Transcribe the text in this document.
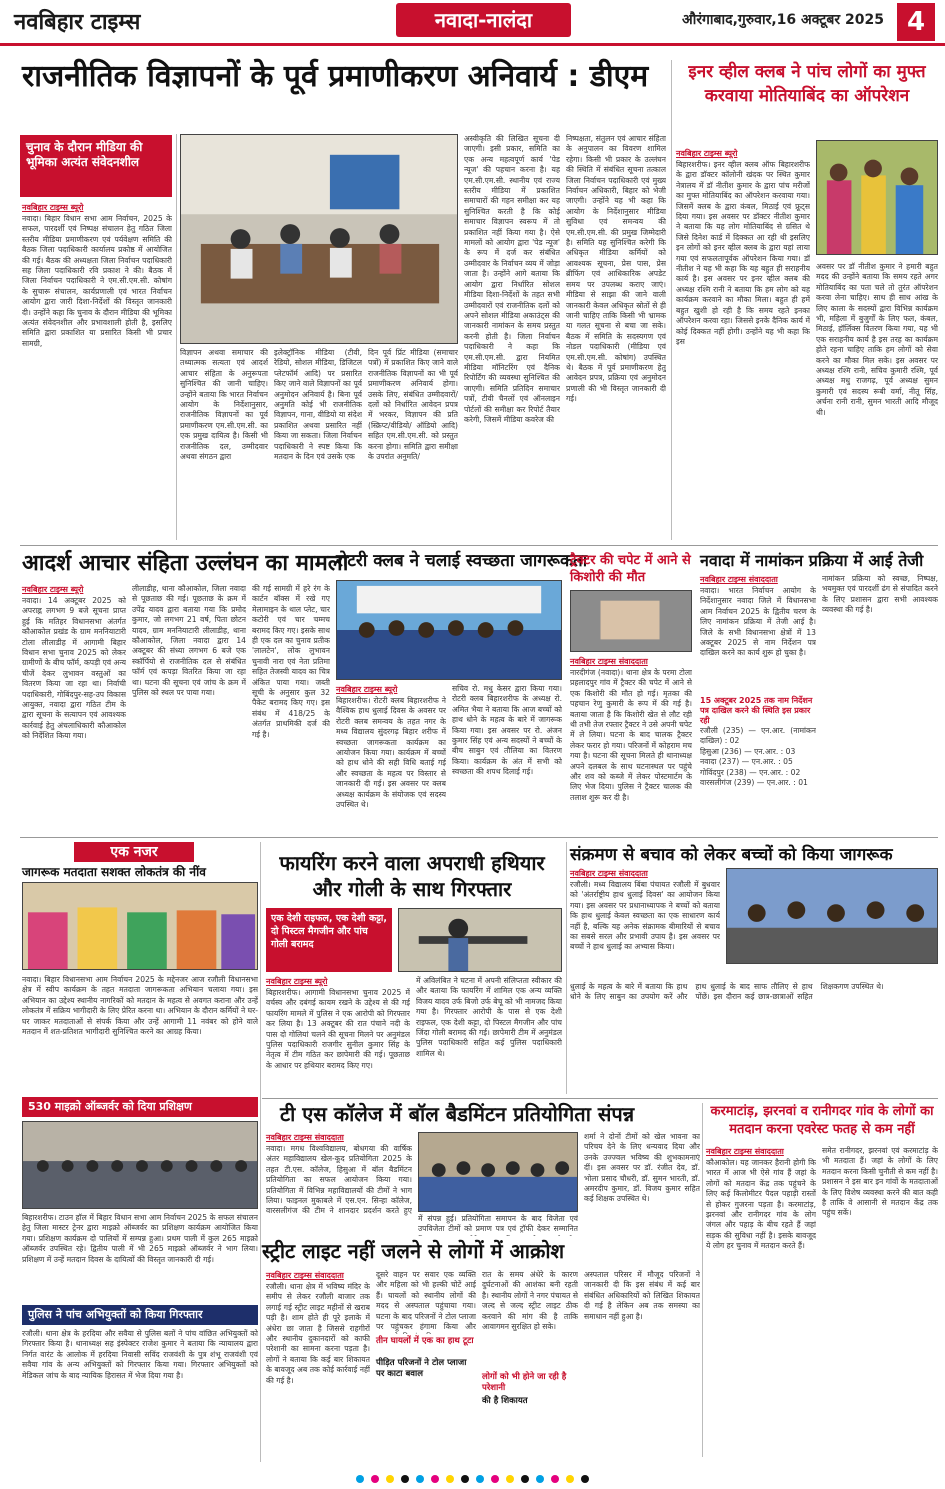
नवबिहार टाइम्स	नवादा-नालंदा	औरंगाबाद,गुरुवार,16 अक्टूबर 2025 4
राजनीतिक विज्ञापनों के पूर्व प्रमाणीकरण अनिवार्य : डीएम
चुनाव के दौरान मीडिया की भूमिका अत्यंत संवेदनशील
नवबिहार टाइम्स ब्यूरो
नवादा। बिहार विधान सभा आम निर्वाचन, 2025 के सफल, पारदर्शी एवं निष्पक्ष संचालन हेतु गठित जिला स्तरीय मीडिया प्रमाणीकरण एवं पर्यवेक्षण समिति की बैठक जिला पदाधिकारी कार्यालय प्रकोष्ठ में आयोजित की गई। बैठक की अध्यक्षता जिला निर्वाचन पदाधिकारी सह जिला पदाधिकारी रवि प्रकाश ने की। बैठक में जिला निर्वाचन पदाधिकारी ने एम.सी.एम.सी. कोषांग के सुचारू संचालन, कार्यप्रणाली एवं भारत निर्वाचन आयोग द्वारा जारी दिशा-निर्देशों की विस्तृत जानकारी दी। उन्होंने कहा कि चुनाव के दौरान मीडिया की भूमिका अत्यंत संवेदनशील और प्रभावशाली होती है, इसलिए समिति द्वारा प्रकाशित या प्रसारित किसी भी प्रचार सामग्री,
विज्ञापन अथवा समाचार की तथ्यात्मक सत्यता एवं आदर्श आचार संहिता के अनुरूपता सुनिश्चित की जानी चाहिए। उन्होंने बताया कि भारत निर्वाचन आयोग के निर्देशानुसार, राजनीतिक विज्ञापनों का पूर्व प्रमाणीकरण एम.सी.एम.सी. का एक प्रमुख दायित्व है। किसी भी राजनीतिक दल, उम्मीदवार अथवा संगठन द्वारा
इलेक्ट्रॉनिक मीडिया (टीवी, रेडियो, सोशल मीडिया, डिजिटल प्लेटफॉर्म आदि) पर प्रसारित किए जाने वाले विज्ञापनों का पूर्व अनुमोदन अनिवार्य है। बिना पूर्व अनुमति कोई भी राजनीतिक विज्ञापन, गाना, वीडियो या संदेश प्रकाशित अथवा प्रसारित नहीं किया जा सकता। जिला निर्वाचन पदाधिकारी ने स्पष्ट किया कि मतदान के दिन एवं उसके एक
दिन पूर्व प्रिंट मीडिया (समाचार पत्रों) में प्रकाशित किए जाने वाले राजनीतिक विज्ञापनों का भी पूर्व प्रमाणीकरण अनिवार्य होगा। उसके लिए, संबंधित उम्मीदवारों/दलों को निर्धारित आवेदन प्रपत्र में भरकर, विज्ञापन की प्रति (स्क्रिप्ट/वीडियो/ ऑडियो आदि) सहित एम.सी.एम.सी. को प्रस्तुत करना होगा। समिति द्वारा समीक्षा के उपरांत अनुमति/
अस्वीकृति की लिखित सूचना दी जाएगी। इसी प्रकार, समिति का एक अन्य महत्वपूर्ण कार्य 'पेड न्यूज' की पहचान करना है। यह एम.सी.एम.सी. स्थानीय एवं राज्य स्तरीय मीडिया में प्रकाशित समाचारों की गहन समीक्षा कर यह सुनिश्चित करती है कि कोई समाचार विज्ञापन स्वरूप में तो प्रकाशित नहीं किया गया है। ऐसे मामलों को आयोग द्वारा 'पेड न्यूज' के रूप में दर्ज कर संबंधित उम्मीदवार के निर्वाचन व्यय में जोड़ा जाता है। उन्होंने आगे बताया कि आयोग द्वारा निर्धारित सोशल मीडिया दिशा-निर्देशों के तहत सभी उम्मीदवारों एवं राजनीतिक दलों को अपने सोशल मीडिया अकाउंट्स की जानकारी नामांकन के समय प्रस्तुत करनी होती है। जिला निर्वाचन पदाधिकारी ने कहा कि एम.सी.एम.सी. द्वारा नियमित मीडिया मॉनिटरिंग एवं दैनिक रिपोर्टिंग की व्यवस्था सुनिश्चित की जाएगी। समिति प्रतिदिन समाचार पत्रों, टीवी चैनलों एवं ऑनलाइन पोर्टलों की समीक्षा कर रिपोर्ट तैयार करेगी, जिसमें मीडिया कवरेज की
निष्पक्षता, संतुलन एवं आचार संहिता के अनुपालन का विवरण शामिल रहेगा। किसी भी प्रकार के उल्लंघन की स्थिति में संबंधित सूचना तत्काल जिला निर्वाचन पदाधिकारी एवं मुख्य निर्वाचन अधिकारी, बिहार को भेजी जाएगी। उन्होंने यह भी कहा कि आयोग के निर्देशानुसार मीडिया सुविधा एवं समन्वय की एम.सी.एम.सी. की प्रमुख जिम्मेदारी है। समिति यह सुनिश्चित करेगी कि अधिकृत मीडिया कर्मियों को आवश्यक सूचना, प्रेस पास, प्रेस ब्रीफिंग एवं आधिकारिक अपडेट समय पर उपलब्ध कराए जाएं। मीडिया से साझा की जाने वाली जानकारी केवल अधिकृत स्रोतों से ही जानी चाहिए ताकि किसी भी भ्रामक या गलत सूचना से बचा जा सके। बैठक में समिति के सदस्यगण एवं नोडल पदाधिकारी (मीडिया एवं एम.सी.एम.सी. कोषांग) उपस्थित थे। बैठक में पूर्व प्रमाणीकरण हेतु आवेदन प्रपत्र, प्रक्रिया एवं अनुमोदन प्रणाली की भी विस्तृत जानकारी दी गई।
इनर व्हील क्लब ने पांच लोगों का मुफ्त करवाया मोतियाबिंद का ऑपरेशन
नवबिहार टाइम्स ब्यूरो
बिहारशरीफ। इनर व्हील क्लब ऑफ बिहारशरीफ के द्वारा डॉक्टर कॉलोनी खंदक पर स्थित कुमार नेत्रालय में डॉ नीतीश कुमार के द्वारा पांच मरीजों का मुफ्त मोतियाबिंद का ऑपरेशन करवाया गया। जिसमें क्लब के द्वारा कंबल, मिठाई एवं फ्रूट्स दिया गया। इस अवसर पर डॉक्टर नीतीश कुमार ने बताया कि यह लोग मोतियाबिंद से ग्रसित थे जिसे दिनेश कार्ड में दिक्कत आ रही थी इसलिए इन लोगों को इनर व्हील क्लब के द्वारा यहां लाया गया एवं सफलतापूर्वक ऑपरेशन किया गया। डॉ नीतीश ने यह भी कहा कि यह बहुत ही सराहनीय कार्य है। इस अवसर पर इनर व्हील क्लब की अध्यक्ष रश्मि रानी ने बताया कि हम लोग को यह कार्यक्रम करवाने का मौका मिला। बहुत ही हमें बहुत खुशी हो रही है कि समय रहते इनका ऑपरेशन करवा रहा। जिससे इनके दैनिक कार्य में कोई दिक्कत नहीं होगी। उन्होंने यह भी कहा कि इस
अवसर पर डॉ नीतीश कुमार ने हमारी बहुत मदद की उन्होंने बताया कि समय रहते अगर मोतियाबिंद का पता चले तो तुरंत ऑपरेशन करवा लेना चाहिए। साथ ही साथ आंख के लिए काला के सदस्यों द्वारा विभिन्न कार्यक्रम भी, महिला में बुजुर्गों के लिए फल, कंबल, मिठाई, हॉर्लिक्स वितरण किया गया, यह भी एक सराहनीय कार्य है इस तरह का कार्यक्रम होते रहना चाहिए ताकि हम लोगों को सेवा करने का मौका मिल सके। इस अवसर पर अध्यक्ष रश्मि रानी, सचिव कुमारी रश्मि, पूर्व अध्यक्ष मधु राजगढ़, पूर्व अध्यक्ष सुमन कुमारी एवं सदस्य रूबी वर्मा, नीतू सिंह, अर्चना रानी रानी, सुमन भारती आदि मौजूद थी।
आदर्श आचार संहिता उल्लंघन का मामला
नवबिहार टाइम्स ब्यूरो
नवादा। 14 अक्टूबर 2025 को अपराह्न लगभग 9 बजे सूचना प्राप्त हुई कि मतिहर विधानसभा अंतर्गत कौआकोल प्रखंड के ग्राम मननियाटारी टोला लीलाडीह में आगामी बिहार विधान सभा चुनाव 2025 को लेकर ग्रामीणों के बीच फॉर्म, कपड़ी एवं अन्य चीजें देकर लुभावन वस्तुओं का वितरण किया जा रहा था। निर्वाची पदाधिकारी, गोबिंदपुर-सह-उप विकास आयुक्त, नवादा द्वारा गठित टीम के द्वारा सूचना के सत्यापन एवं आवश्यक कार्रवाई हेतु अंचलाधिकारी कौआकोल को निर्देशित किया गया।
लीलाडीह, थाना कौआकोल, जिला नवादा से पूछताछ की गई। पूछताछ के क्रम में उपेंद्र यादव द्वारा बताया गया कि प्रमोद कुमार, जो लगभग 21 वर्ष, पिता छोटन यादव, ग्राम मननियाटारी लीलाडीह, थाना कौआकोल, जिला नवादा द्वारा 14 अक्टूबर की संध्या लगभग 6 बजे एक स्कॉर्पियो से राजनीतिक दल से संबंधित फॉर्म एवं कपड़ा वितरित किया जा रहा था। घटना की सूचना एवं जांच के क्रम में पुलिस को स्थल पर पाया गया।
की गई सामग्री में हरे रंग के कार्टन बॉक्स में रखे गए मेलामाइन के थाल प्लेट, चार कटोरी एवं चार चम्मच बरामद किए गए। इसके साथ ही एक दल का चुनाव प्रतीक 'लालटेन', लोक लुभावन चुनावी नारा एवं नेता प्रतिमा सहित तेजस्वी यादव का चित्र अंकित पाया गया। जब्ती सूची के अनुसार कुल 32 पैकेट बरामद किए गए। इस संबंध में 418/25 के अंतर्गत प्राथमिकी दर्ज की गई है।
रोटरी क्लब ने चलाई स्वच्छता जागरूकता
नवबिहार टाइम्स ब्यूरो
बिहारशरीफ। रोटरी क्लब बिहारशरीफ ने वैश्विक हाथ धुलाई दिवस के अवसर पर रोटरी क्लब समन्वय के तहत नगर के मध्य विद्यालय सुंदरगढ़ बिहार शरीफ में स्वच्छता जागरूकता कार्यक्रम का आयोजन किया गया। कार्यक्रम में बच्चों को हाथ धोने की सही विधि बताई गई और स्वच्छता के महत्व पर विस्तार से जानकारी दी गई। इस अवसर पर क्लब अध्यक्ष कार्यक्रम के संयोजक एवं सदस्य उपस्थित थे।
सचिव रो. मधु केसर द्वारा किया गया। रोटरी क्लब बिहारशरीफ के अध्यक्ष रो. अमित भैया ने बताया कि आज बच्चों को हाथ धोने के महत्व के बारे में जागरूक किया गया। इस अवसर पर रो. अंजन कुमार सिंह एवं अन्य सदस्यों ने बच्चों के बीच साबुन एवं तौलिया का वितरण किया। कार्यक्रम के अंत में सभी को स्वच्छता की शपथ दिलाई गई।
ट्रैक्टर की चपेट में आने से किशोरी की मौत
नवबिहार टाइम्स संवाददाता
नारदीगंज (नवादा)। थाना क्षेत्र के परमा टोला प्रहलादपुर गांव में ट्रैक्टर की चपेट में आने से एक किशोरी की मौत हो गई। मृतका की पहचान रेणु कुमारी के रूप में की गई है। बताया जाता है कि किशोरी खेत से लौट रही थी तभी तेज रफ्तार ट्रैक्टर ने उसे अपनी चपेट में ले लिया। घटना के बाद चालक ट्रैक्टर लेकर फरार हो गया। परिजनों में कोहराम मच गया है। घटना की सूचना मिलते ही थानाध्यक्ष अपने दलबल के साथ घटनास्थल पर पहुंचे और शव को कब्जे में लेकर पोस्टमार्टम के लिए भेज दिया। पुलिस ने ट्रैक्टर चालक की तलाश शुरू कर दी है।
नवादा में नामांकन प्रक्रिया में आई तेजी
नवबिहार टाइम्स संवाददाता
नवादा। भारत निर्वाचन आयोग के निर्देशानुसार नवादा जिले में विधानसभा आम निर्वाचन 2025 के द्वितीय चरण के लिए नामांकन प्रक्रिया में तेजी आई है। जिले के सभी विधानसभा क्षेत्रों में 13 अक्टूबर 2025 से नाम निर्देशन पत्र दाखिल करने का कार्य शुरू हो चुका है।
15 अक्टूबर 2025 तक नाम निर्देशन पत्र दाखिल करने की स्थिति इस प्रकार रही
रजौली (235) — एन.आर. (नामांकन दाखिल) : 02
हिसुआ (236) — एन.आर. : 03
नवादा (237) — एन.आर. : 05
गोविंदपुर (238) — एन.आर. : 02
वारसलीगंज (239) — एन.आर. : 01
नामांकन प्रक्रिया को स्वच्छ, निष्पक्ष, भयमुक्त एवं पारदर्शी ढंग से संपादित करने के लिए प्रशासन द्वारा सभी आवश्यक व्यवस्था की गई है।
एक नजर
जागरूक मतदाता सशक्त लोकतंत्र की नींव
नवादा। बिहार विधानसभा आम निर्वाचन 2025 के मद्देनजर आज रजौली विधानसभा क्षेत्र में स्वीप कार्यक्रम के तहत मतदाता जागरूकता अभियान चलाया गया। इस अभियान का उद्देश्य स्थानीय नागरिकों को मतदान के महत्व से अवगत कराना और उन्हें लोकतंत्र में सक्रिय भागीदारी के लिए प्रेरित करना था। अभियान के दौरान कर्मियों ने घर-घर जाकर मतदाताओं से संपर्क किया और उन्हें आगामी 11 नवंबर को होने वाले मतदान में शत-प्रतिशत भागीदारी सुनिश्चित करने का आग्रह किया।
530 माइक्रो ऑब्जर्वर को दिया प्रशिक्षण
बिहारशरीफ। टाउन हॉल में बिहार विधान सभा आम निर्वाचन 2025 के सफल संचालन हेतु जिला मास्टर ट्रेनर द्वारा माइक्रो ऑब्जर्वर का प्रशिक्षण कार्यक्रम आयोजित किया गया। प्रशिक्षण कार्यक्रम दो पालियों में सम्पन्न हुआ। प्रथम पाली में कुल 265 माइक्रो ऑब्जर्वर उपस्थित रहे। द्वितीय पाली में भी 265 माइक्रो ऑब्जर्वर ने भाग लिया। प्रशिक्षण में उन्हें मतदान दिवस के दायित्वों की विस्तृत जानकारी दी गई।
पुलिस ने पांच अभियुक्तों को किया गिरफ्तार
रजौली। थाना क्षेत्र के हरदिया और सवैया से पुलिस बलों ने पांच वांछित अभियुक्तों को गिरफ्तार किया है। थानाध्यक्ष सह इंस्पेक्टर राजेश कुमार ने बताया कि न्यायालय द्वारा निर्गत वारंट के आलोक में हरदिया निवासी सविंद राजवंशी के पुत्र शंभू राजवंशी एवं सवैया गांव के अन्य अभियुक्तों को गिरफ्तार किया गया। गिरफ्तार अभियुक्तों को मेडिकल जांच के बाद न्यायिक हिरासत में भेज दिया गया है।
फायरिंग करने वाला अपराधी हथियार और गोली के साथ गिरफ्तार
एक देशी राइफल, एक देशी कट्टा, दो पिस्टल मैगजीन और पांच गोली बरामद
नवबिहार टाइम्स ब्यूरो
बिहारशरीफ। आगामी विधानसभा चुनाव 2025 में वर्चस्व और दबंगई कायम रखने के उद्देश्य से की गई फायरिंग मामले में पुलिस ने एक आरोपी को गिरफ्तार कर लिया है। 13 अक्टूबर की रात पंचाने नदी के पास दो गोलियां चलने की सूचना मिलने पर अनुमंडल पुलिस पदाधिकारी राजगीर सुनील कुमार सिंह के नेतृत्व में टीम गठित कर छापेमारी की गई। पूछताछ के आधार पर हथियार बरामद किए गए।
में अविलंबित ने घटना में अपनी संलिप्तता स्वीकार की और बताया कि फायरिंग में शामिल एक अन्य व्यक्ति विजय यादव उर्फ बिजो उर्फ बेचू को भी नामजद किया गया है। गिरफ्तार आरोपी के पास से एक देशी राइफल, एक देशी कट्टा, दो पिस्टल मैगजीन और पांच जिंदा गोली बरामद की गई। छापेमारी टीम में अनुमंडल पुलिस पदाधिकारी सहित कई पुलिस पदाधिकारी शामिल थे।
संक्रमण से बचाव को लेकर बच्चों को किया जागरूक
नवबिहार टाइम्स संवाददाता
रजौली। मध्य विद्यालय बिंबा पंचायत रजौली में बुधवार को 'अंतर्राष्ट्रीय हाथ धुलाई दिवस' का आयोजन किया गया। इस अवसर पर प्रधानाध्यापक ने बच्चों को बताया कि हाथ धुलाई केवल स्वच्छता का एक साधारण कार्य नहीं है, बल्कि यह अनेक संक्रामक बीमारियों से बचाव का सबसे सरल और प्रभावी उपाय है। इस अवसर पर बच्चों ने हाथ धुलाई का अभ्यास किया।
धुलाई के महत्व के बारे में बताया कि हाथ धोने के लिए साबुन का उपयोग करें और हाथ धुलाई के बाद साफ तौलिए से हाथ पोंछें। इस दौरान कई छात्र-छात्राओं सहित शिक्षकगण उपस्थित थे।
टी एस कॉलेज में बॉल बैडमिंटन प्रतियोगिता संपन्न
नवबिहार टाइम्स संवाददाता
नवादा। मगध विश्वविद्यालय, बोधगया की वार्षिक अंतर महाविद्यालय खेल-कूद प्रतियोगिता 2025 के तहत टी.एस. कॉलेज, हिसुआ में बॉल बैडमिंटन प्रतियोगिता का सफल आयोजन किया गया। प्रतियोगिता में विभिन्न महाविद्यालयों की टीमों ने भाग लिया। फाइनल मुकाबले में एस.एन. सिन्हा कॉलेज, वारसलीगंज की टीम ने शानदार प्रदर्शन करते हुए
में संपन्न हुई। प्रतियोगिता समापन के बाद विजेता एवं उपविजेता टीमों को प्रमाण पत्र एवं ट्रॉफी देकर सम्मानित
शर्मा ने दोनों टीमों को खेल भावना का परिचय देने के लिए धन्यवाद दिया और उनके उज्ज्वल भविष्य की शुभकामनाएं दीं। इस अवसर पर डॉ. रंजीत देव, डॉ. भोला प्रसाद चौधरी, डॉ. सुमन भारती, डॉ. अमरदीप कुमार, डॉ. विजय कुमार सहित कई शिक्षक उपस्थित थे।
करमाटांड़, झरनवां व रानीगदर गांव के लोगों का मतदान करना एवरेस्ट फतह से कम नहीं
नवबिहार टाइम्स संवाददाता
कौआकोल। यह जानकर हैरानी होगी कि भारत में आज भी ऐसे गांव हैं जहां के लोगों को मतदान केंद्र तक पहुंचने के लिए कई किलोमीटर पैदल पहाड़ी रास्तों से होकर गुजरना पड़ता है। करमाटांड़, झरनवां और रानीगदर गांव के लोग जंगल और पहाड़ के बीच रहते हैं जहां सड़क की सुविधा नहीं है। इसके बावजूद ये लोग हर चुनाव में मतदान करते हैं।
समेत रानीगदर, झरनवां एवं करमाटांड़ के भी मतदाता हैं। जहां के लोगों के लिए मतदान करना किसी चुनौती से कम नहीं है। प्रशासन ने इस बार इन गांवों के मतदाताओं के लिए विशेष व्यवस्था करने की बात कही है ताकि वे आसानी से मतदान केंद्र तक पहुंच सकें।
स्ट्रीट लाइट नहीं जलने से लोगों में आक्रोश
नवबिहार टाइम्स संवाददाता
रजौली। थाना क्षेत्र में भविष्य मंदिर के समीप से लेकर रजौली बाजार तक लगाई गई स्ट्रीट लाइट महीनों से खराब पड़ी है। शाम होते ही पूरे इलाके में अंधेरा छा जाता है जिससे राहगीरों और स्थानीय दुकानदारों को काफी परेशानी का सामना करना पड़ता है। लोगों ने बताया कि कई बार शिकायत के बावजूद अब तक कोई कार्रवाई नहीं की गई है।
दूसरे वाहन पर सवार एक व्यक्ति और महिला को भी हल्की चोटें आई हैं। घायलों को स्थानीय लोगों की मदद से अस्पताल पहुंचाया गया। घटना के बाद परिजनों ने टोल प्लाजा पर पहुंचकर हंगामा किया और
तीन घायलों में एक का हाथ टूटा
पीड़ित परिजनों ने टोल प्लाजा पर काटा बवाल
रात के समय अंधेरे के कारण दुर्घटनाओं की आशंका बनी रहती है। स्थानीय लोगों ने नगर पंचायत से जल्द से जल्द स्ट्रीट लाइट ठीक करवाने की मांग की है ताकि आवागमन सुरक्षित हो सके।
लोगों को भी होने जा रही है परेशानी
की है शिकायत
अस्पताल परिसर में मौजूद परिजनों ने जानकारी दी कि इस संबंध में कई बार संबंधित अधिकारियों को लिखित शिकायत दी गई है लेकिन अब तक समस्या का समाधान नहीं हुआ है।
